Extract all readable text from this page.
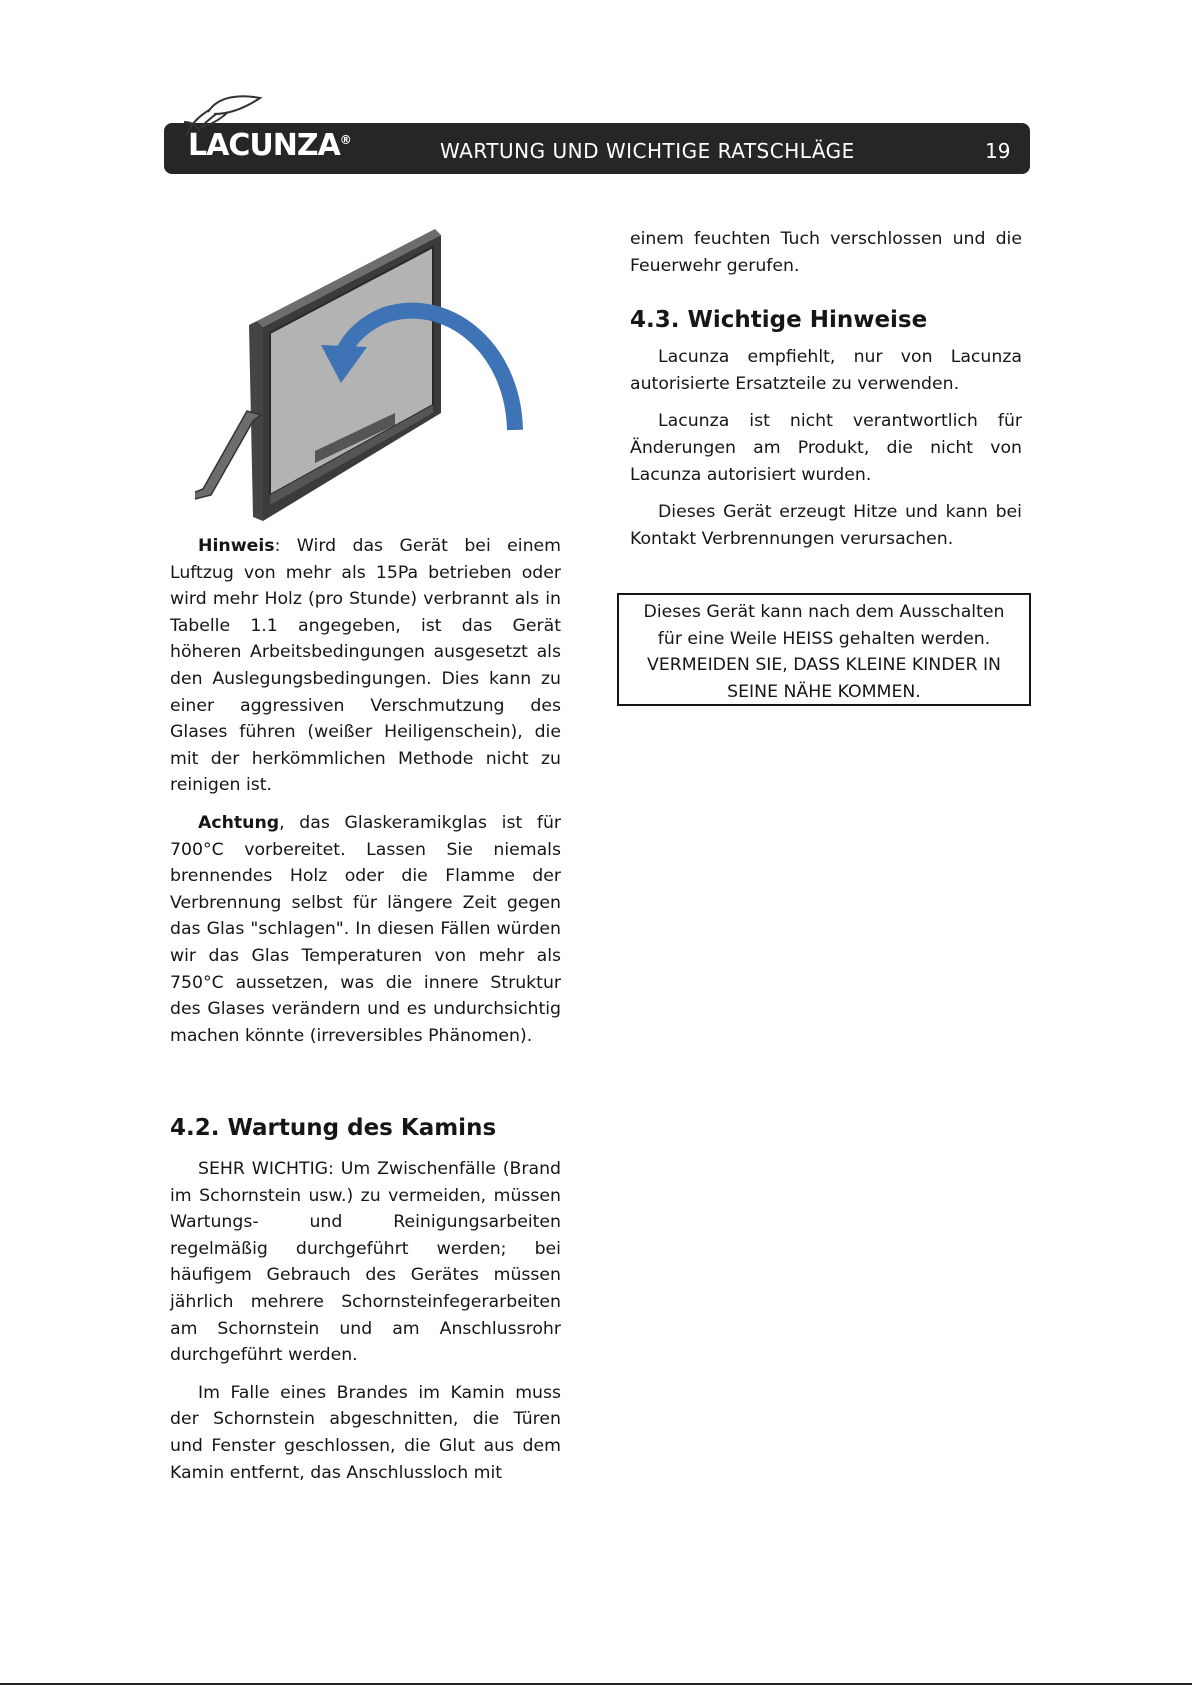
LACUNZA®	WARTUNG UND WICHTIGE RATSCHLÄGE	19

Hinweis: Wird das Gerät bei einem Luftzug von mehr als 15Pa betrieben oder wird mehr Holz (pro Stunde) verbrannt als in Tabelle 1.1 angegeben, ist das Gerät höheren Arbeitsbedingungen ausgesetzt als den Auslegungsbedingungen. Dies kann zu einer aggressiven Verschmutzung des Glases führen (weißer Heiligenschein), die mit der herkömmlichen Methode nicht zu reinigen ist.

Achtung, das Glaskeramikglas ist für 700°C vorbereitet. Lassen Sie niemals brennendes Holz oder die Flamme der Verbrennung selbst für längere Zeit gegen das Glas "schlagen". In diesen Fällen würden wir das Glas Temperaturen von mehr als 750°C aussetzen, was die innere Struktur des Glases verändern und es undurchsichtig machen könnte (irreversibles Phänomen).

4.2. Wartung des Kamins

SEHR WICHTIG: Um Zwischenfälle (Brand im Schornstein usw.) zu vermeiden, müssen Wartungs- und Reinigungsarbeiten regelmäßig durchgeführt werden; bei häufigem Gebrauch des Gerätes müssen jährlich mehrere Schornsteinfegerarbeiten am Schornstein und am Anschlussrohr durchgeführt werden.

Im Falle eines Brandes im Kamin muss der Schornstein abgeschnitten, die Türen und Fenster geschlossen, die Glut aus dem Kamin entfernt, das Anschlussloch mit

einem feuchten Tuch verschlossen und die Feuerwehr gerufen.

4.3. Wichtige Hinweise

Lacunza empfiehlt, nur von Lacunza autorisierte Ersatzteile zu verwenden.

Lacunza ist nicht verantwortlich für Änderungen am Produkt, die nicht von Lacunza autorisiert wurden.

Dieses Gerät erzeugt Hitze und kann bei Kontakt Verbrennungen verursachen.

Dieses Gerät kann nach dem Ausschalten
für eine Weile HEISS gehalten werden.
VERMEIDEN SIE, DASS KLEINE KINDER IN
SEINE NÄHE KOMMEN.
